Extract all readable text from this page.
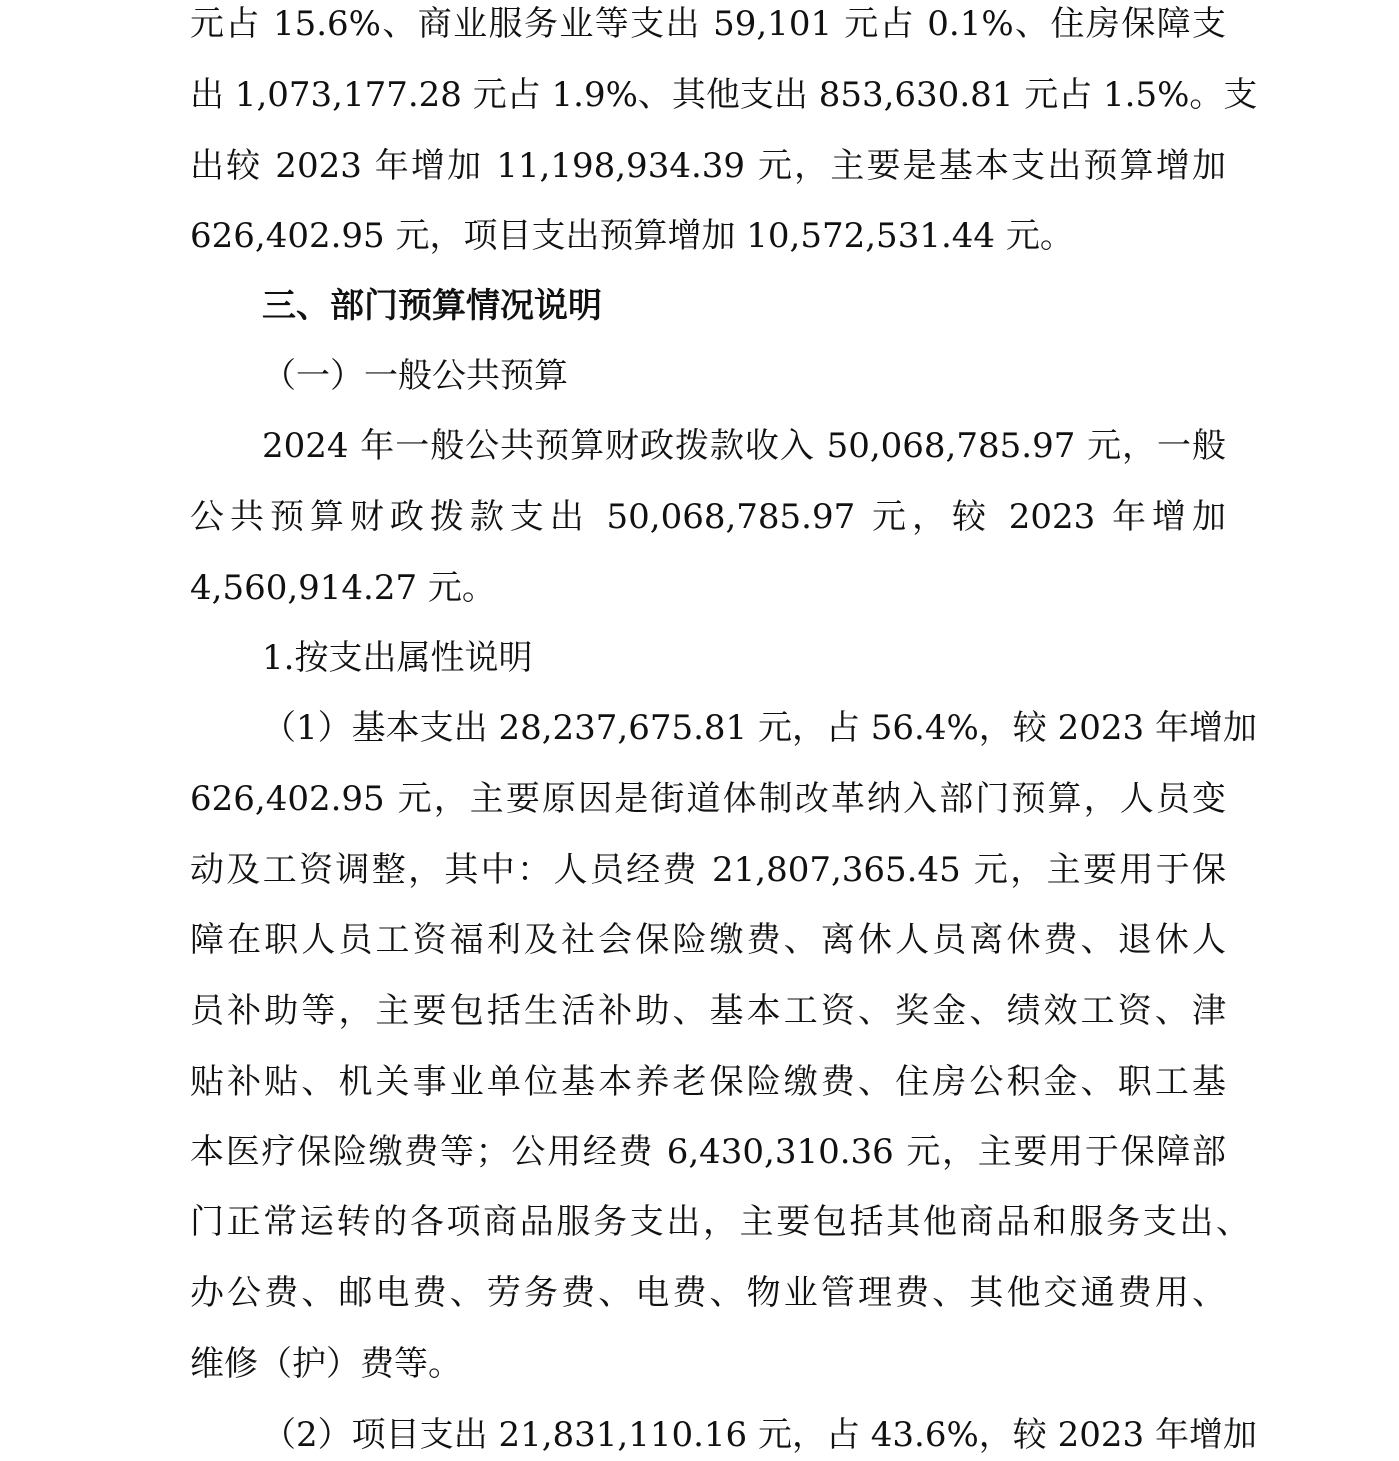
元占 15.6%、商业服务业等支出 59,101 元占 0.1%、住房保障支
出 1,073,177.28 元占 1.9%、其他支出 853,630.81 元占 1.5%。支
出较 2023 年增加 11,198,934.39 元，主要是基本支出预算增加
626,402.95 元，项目支出预算增加 10,572,531.44 元。
三、部门预算情况说明
（一）一般公共预算
2024 年一般公共预算财政拨款收入 50,068,785.97 元，一般
公共预算财政拨款支出 50,068,785.97 元，较 2023 年增加
4,560,914.27 元。
1.按支出属性说明
（1）基本支出 28,237,675.81 元，占 56.4%，较 2023 年增加
626,402.95 元，主要原因是街道体制改革纳入部门预算，人员变
动及工资调整，其中：人员经费 21,807,365.45 元，主要用于保
障在职人员工资福利及社会保险缴费、离休人员离休费、退休人
员补助等，主要包括生活补助、基本工资、奖金、绩效工资、津
贴补贴、机关事业单位基本养老保险缴费、住房公积金、职工基
本医疗保险缴费等；公用经费 6,430,310.36 元，主要用于保障部
门正常运转的各项商品服务支出，主要包括其他商品和服务支出、
办公费、邮电费、劳务费、电费、物业管理费、其他交通费用、
维修（护）费等。
（2）项目支出 21,831,110.16 元，占 43.6%，较 2023 年增加
